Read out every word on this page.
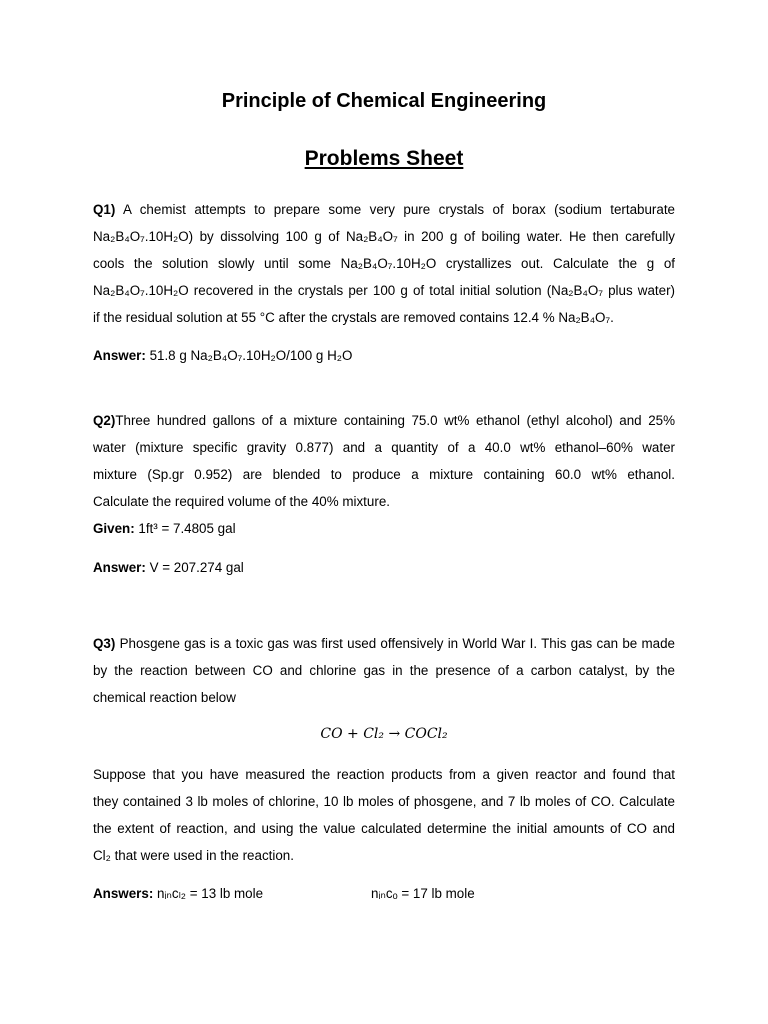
Principle of Chemical Engineering
Problems Sheet
Q1) A chemist attempts to prepare some very pure crystals of borax (sodium tertaburate
Na₂B₄O₇.10H₂O) by dissolving 100 g of Na₂B₄O₇ in 200 g of boiling water. He then carefully
cools the solution slowly until some Na₂B₄O₇.10H₂O crystallizes out. Calculate the g of
Na₂B₄O₇.10H₂O recovered in the crystals per 100 g of total initial solution (Na₂B₄O₇ plus water)
if the residual solution at 55 °C after the crystals are removed contains 12.4 % Na₂B₄O₇.
Answer: 51.8 g Na₂B₄O₇.10H₂O/100 g H₂O
Q2)Three hundred gallons of a mixture containing 75.0 wt% ethanol (ethyl alcohol) and 25%
water (mixture specific gravity 0.877) and a quantity of a 40.0 wt% ethanol–60% water
mixture (Sp.gr 0.952) are blended to produce a mixture containing 60.0 wt% ethanol.
Calculate the required volume of the 40% mixture.
Given: 1ft³ = 7.4805 gal
Answer: V = 207.274 gal
Q3) Phosgene gas is a toxic gas was first used offensively in World War I. This gas can be made
by the reaction between CO and chlorine gas in the presence of a carbon catalyst, by the
chemical reaction below
CO + Cl₂ → COCl₂
Suppose that you have measured the reaction products from a given reactor and found that
they contained 3 lb moles of chlorine, 10 lb moles of phosgene, and 7 lb moles of CO. Calculate
the extent of reaction, and using the value calculated determine the initial amounts of CO and
Cl₂ that were used in the reaction.
Answers: nᵢₙcₗ₂ = 13 lb mole	nᵢₙcₒ = 17 lb mole
